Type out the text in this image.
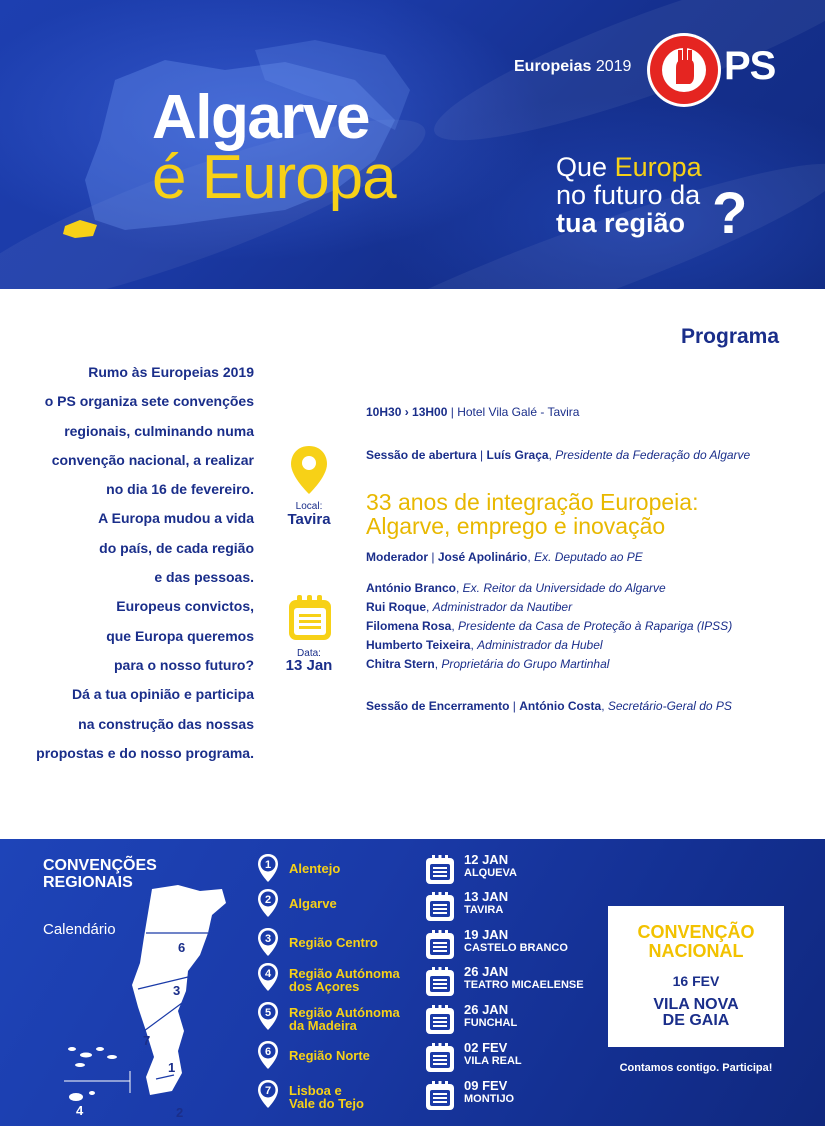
Algarve
é Europa
Europeias 2019 PS
Que Europa
no futuro da
tua região ?
Programa
Rumo às Europeias 2019
o PS organiza sete convenções
regionais, culminando numa
convenção nacional, a realizar
no dia 16 de fevereiro.
A Europa mudou a vida
do país, de cada região
e das pessoas.
Europeus convictos,
que Europa queremos
para o nosso futuro?
Dá a tua opinião e participa
na construção das nossas
propostas e do nosso programa.
Local:
Tavira
Data:
13 Jan
10H30 › 13H00 | Hotel Vila Galé - Tavira
Sessão de abertura | Luís Graça, Presidente da Federação do Algarve
33 anos de integração Europeia:
Algarve, emprego e inovação
Moderador | José Apolinário, Ex. Deputado ao PE
António Branco, Ex. Reitor da Universidade do Algarve
Rui Roque, Administrador da Nautiber
Filomena Rosa, Presidente da Casa de Proteção à Rapariga (IPSS)
Humberto Teixeira, Administrador da Hubel
Chitra Stern, Proprietária do Grupo Martinhal
Sessão de Encerramento | António Costa, Secretário-Geral do PS
CONVENÇÕES
REGIONAIS
Calendário
6
3
7
1
2
4
1 Alentejo
2 Algarve
3 Região Centro
4 Região Autónoma
dos Açores
5 Região Autónoma
da Madeira
6 Região Norte
7 Lisboa e
Vale do Tejo
12 JAN
ALQUEVA
13 JAN
TAVIRA
19 JAN
CASTELO BRANCO
26 JAN
TEATRO MICAELENSE
26 JAN
FUNCHAL
02 FEV
VILA REAL
09 FEV
MONTIJO
CONVENÇÃO
NACIONAL
16 FEV
VILA NOVA
DE GAIA
Contamos contigo. Participa!
